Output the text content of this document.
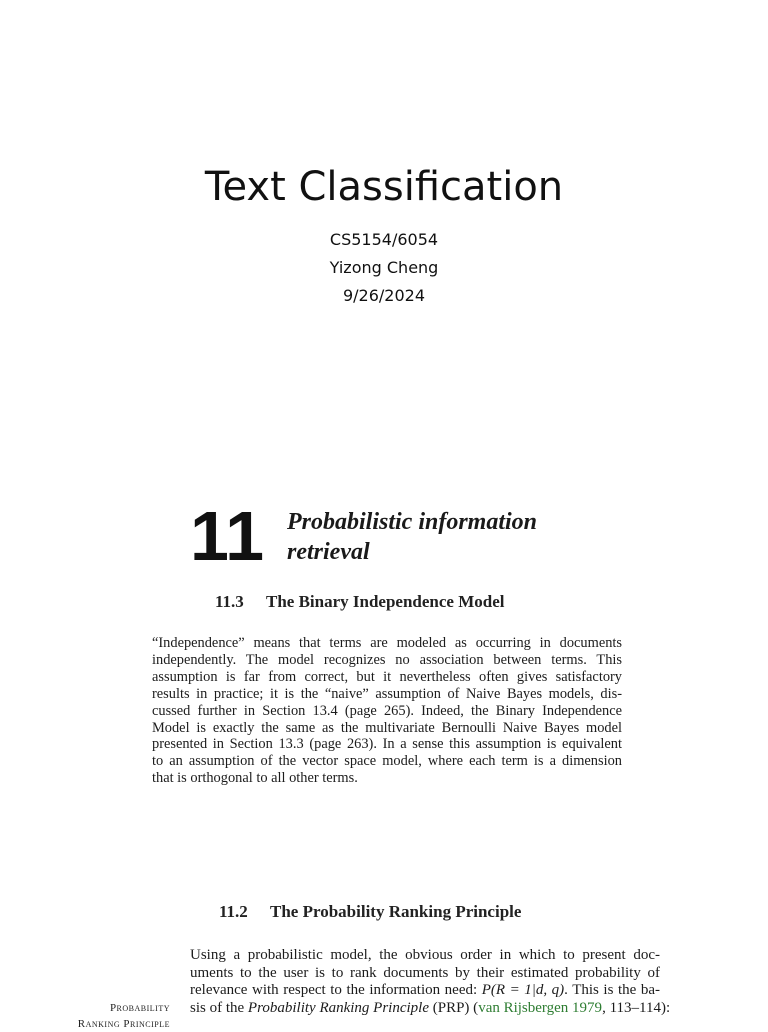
Text Classification
CS5154/6054
Yizong Cheng
9/26/2024
11 Probabilistic information
retrieval
11.3 The Binary Independence Model
“Independence” means that terms are modeled as occurring in documents
independently. The model recognizes no association between terms. This
assumption is far from correct, but it nevertheless often gives satisfactory
results in practice; it is the “naive” assumption of Naive Bayes models, dis-
cussed further in Section 13.4 (page 265). Indeed, the Binary Independence
Model is exactly the same as the multivariate Bernoulli Naive Bayes model
presented in Section 13.3 (page 263). In a sense this assumption is equivalent
to an assumption of the vector space model, where each term is a dimension
that is orthogonal to all other terms.
11.2 The Probability Ranking Principle
Using a probabilistic model, the obvious order in which to present doc-
uments to the user is to rank documents by their estimated probability of
relevance with respect to the information need: P(R = 1|d, q). This is the ba-
sis of the Probability Ranking Principle (PRP) (van Rijsbergen 1979, 113–114):
Probability
Ranking Principle
